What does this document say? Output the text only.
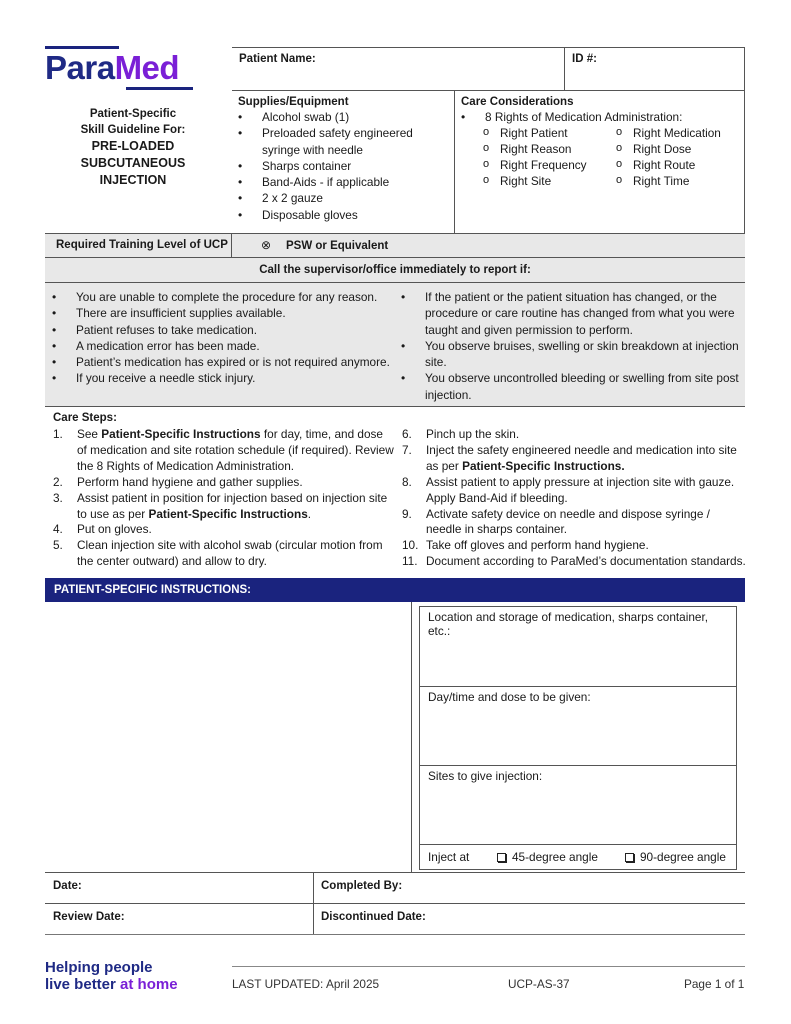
ParaMed	Patient Name:	ID #:
Patient-Specific
Skill Guideline For:
PRE-LOADED
SUBCUTANEOUS
INJECTION
Supplies/Equipment
• Alcohol swab (1)
• Preloaded safety engineered syringe with needle
• Sharps container
• Band-Aids - if applicable
• 2 x 2 gauze
• Disposable gloves
Care Considerations
• 8 Rights of Medication Administration:
o Right Patient	o Right Medication
o Right Reason	o Right Dose
o Right Frequency	o Right Route
o Right Site	o Right Time
Required Training Level of UCP	⊗ PSW or Equivalent
Call the supervisor/office immediately to report if:
• You are unable to complete the procedure for any reason.
• There are insufficient supplies available.
• Patient refuses to take medication.
• A medication error has been made.
• Patient’s medication has expired or is not required anymore.
• If you receive a needle stick injury.
• If the patient or the patient situation has changed, or the procedure or care routine has changed from what you were taught and given permission to perform.
• You observe bruises, swelling or skin breakdown at injection site.
• You observe uncontrolled bleeding or swelling from site post injection.
Care Steps:
1. See Patient-Specific Instructions for day, time, and dose of medication and site rotation schedule (if required). Review the 8 Rights of Medication Administration.
2. Perform hand hygiene and gather supplies.
3. Assist patient in position for injection based on injection site to use as per Patient-Specific Instructions.
4. Put on gloves.
5. Clean injection site with alcohol swab (circular motion from the center outward) and allow to dry.
6. Pinch up the skin.
7. Inject the safety engineered needle and medication into site as per Patient-Specific Instructions.
8. Assist patient to apply pressure at injection site with gauze. Apply Band-Aid if bleeding.
9. Activate safety device on needle and dispose syringe / needle in sharps container.
10. Take off gloves and perform hand hygiene.
11. Document according to ParaMed’s documentation standards.
PATIENT-SPECIFIC INSTRUCTIONS:
Location and storage of medication, sharps container, etc.:
Day/time and dose to be given:
Sites to give injection:
Inject at	45-degree angle	90-degree angle
Date:	Completed By:
Review Date:	Discontinued Date:
Helping people
live better at home	LAST UPDATED: April 2025	UCP-AS-37	Page 1 of 1
